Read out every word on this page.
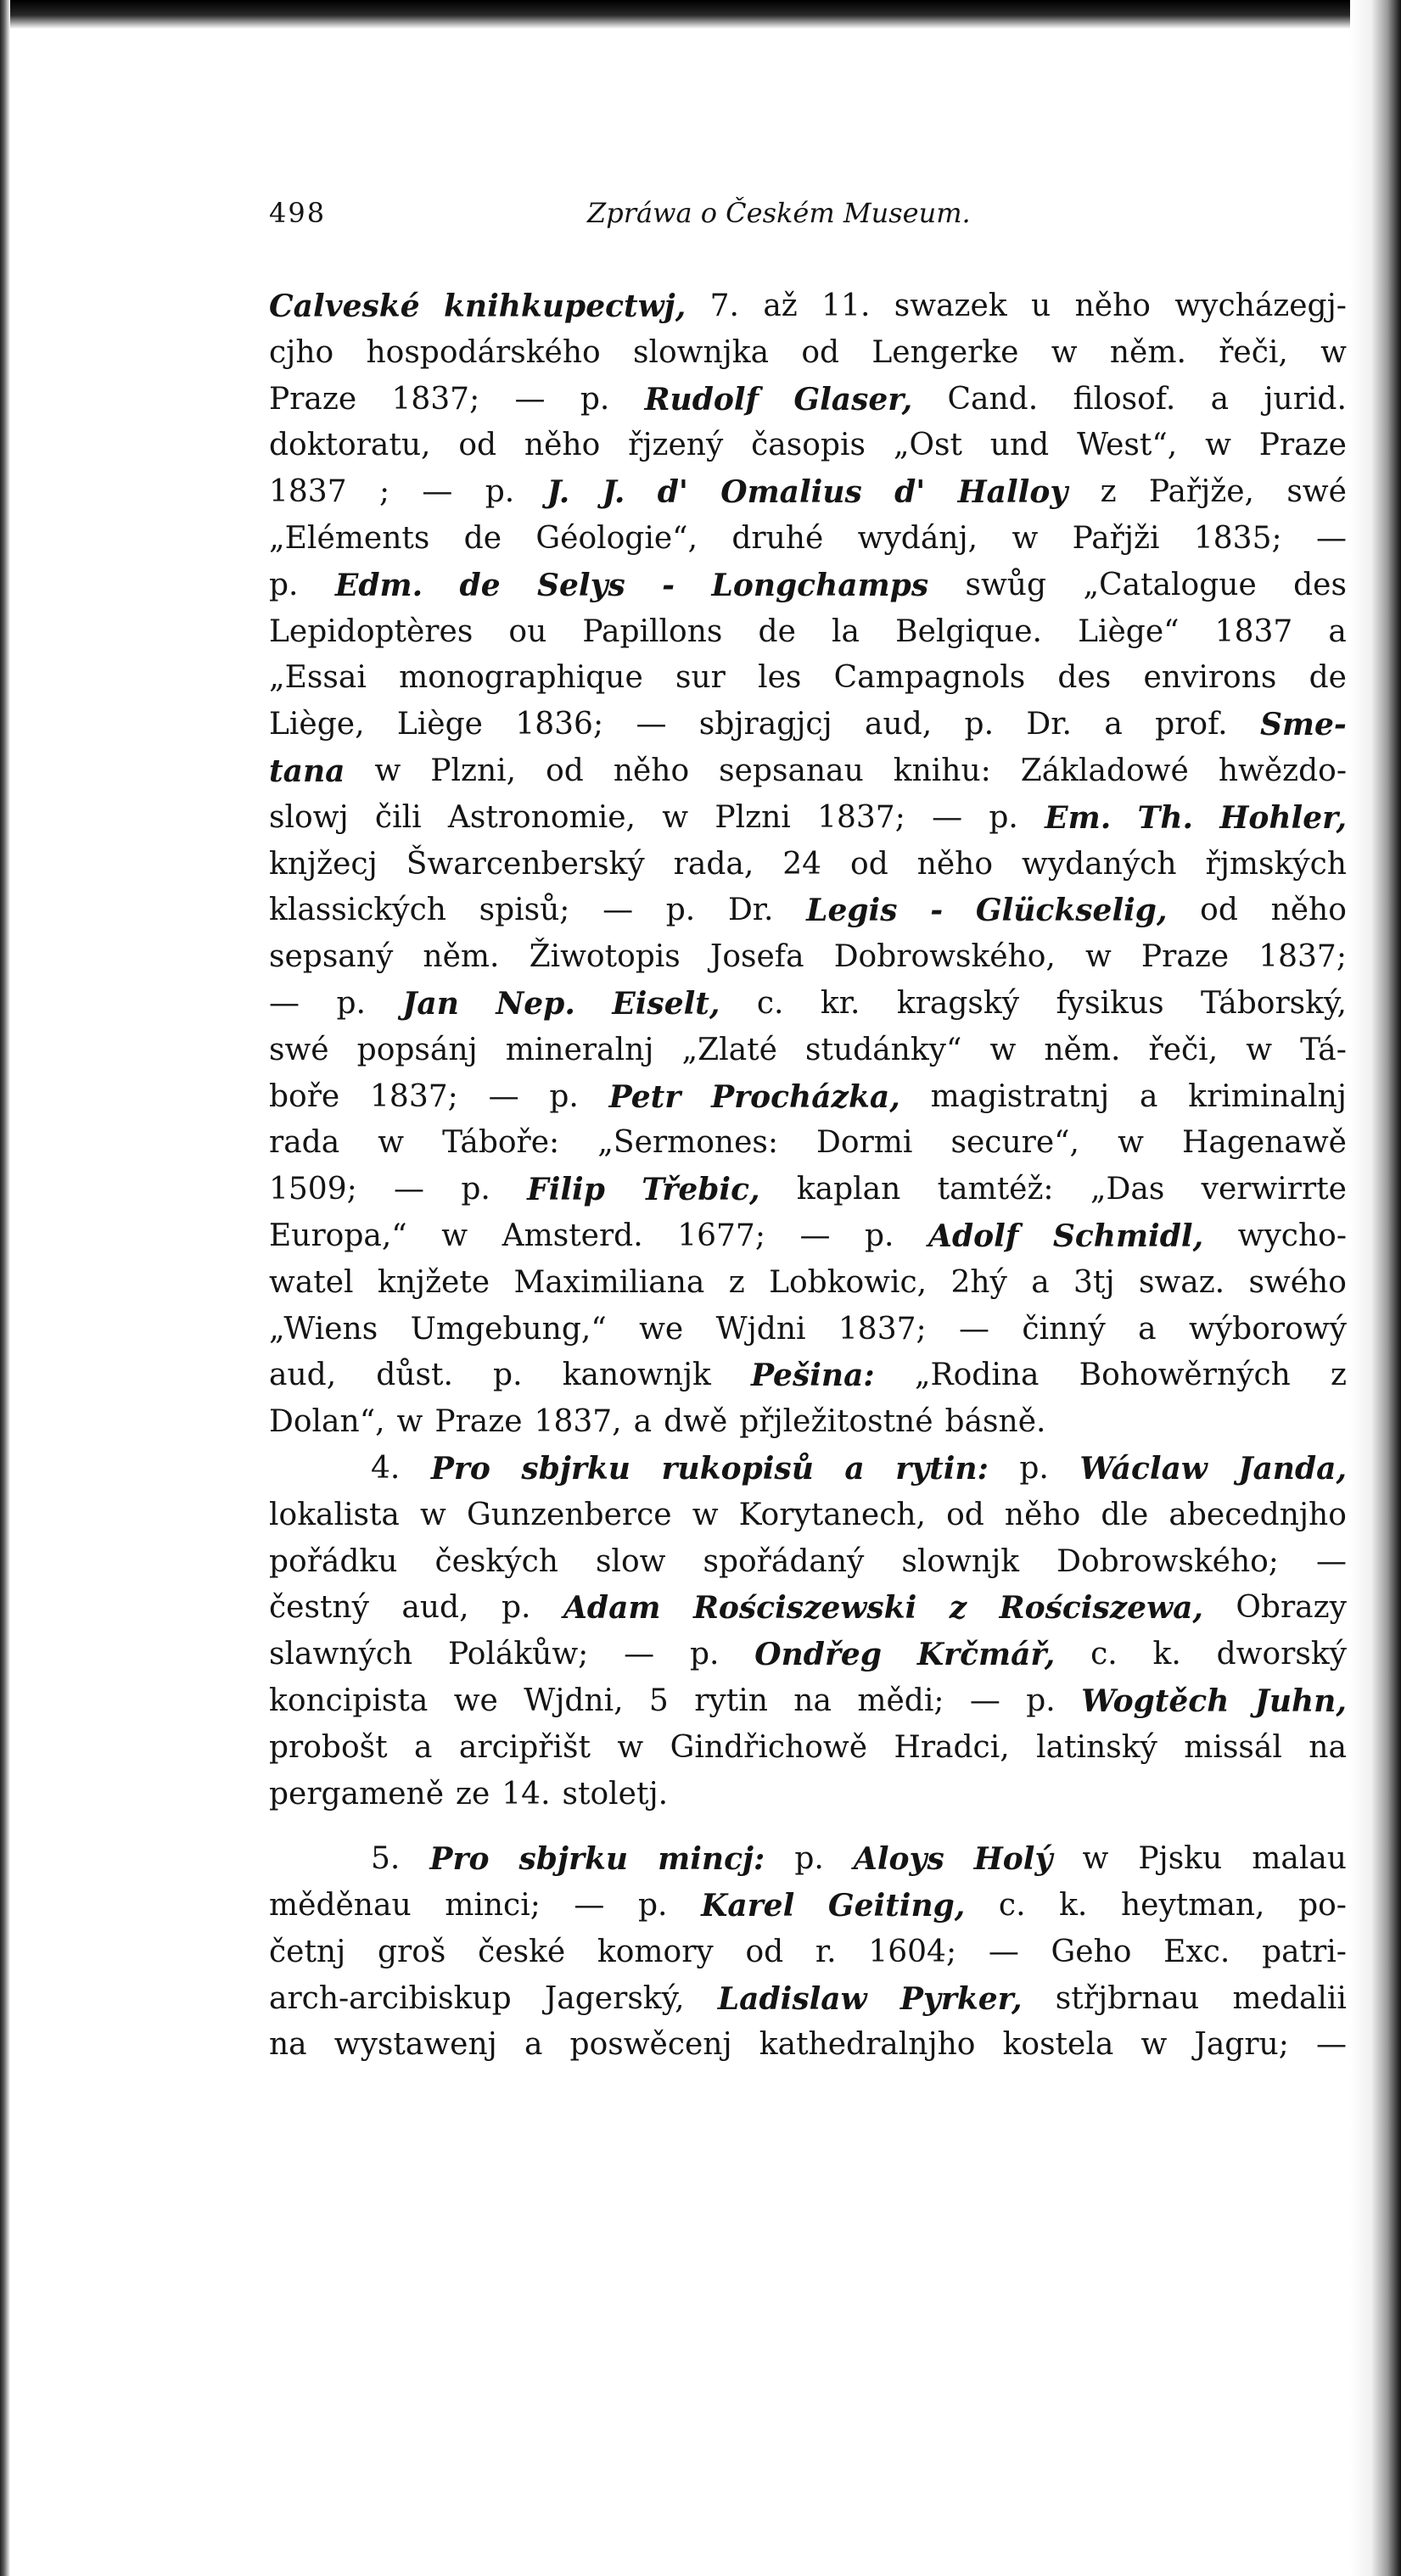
498	Zpráwa o Českém Museum.
Calveské knihkupectwj, 7. až 11. swazek u něho wycházegj-
cjho hospodárského slownjka od Lengerke w něm. řeči, w
Praze 1837; — p. Rudolf Glaser, Cand. filosof. a jurid.
doktoratu, od něho řjzený časopis „Ost und West“, w Praze
1837 ; — p. J. J. d' Omalius d' Halloy z Pařjže, swé
„Eléments de Géologie“, druhé wydánj, w Pařjži 1835; —
p. Edm. de Selys - Longchamps swůg „Catalogue des
Lepidoptères ou Papillons de la Belgique. Liège“ 1837 a
„Essai monographique sur les Campagnols des environs de
Liège, Liège 1836; — sbjragjcj aud, p. Dr. a prof. Sme-
tana w Plzni, od něho sepsanau knihu: Základowé hwězdo-
slowj čili Astronomie, w Plzni 1837; — p. Em. Th. Hohler,
knjžecj Šwarcenberský rada, 24 od něho wydaných řjmských
klassických spisů; — p. Dr. Legis - Glückselig, od něho
sepsaný něm. Žiwotopis Josefa Dobrowského, w Praze 1837;
— p. Jan Nep. Eiselt, c. kr. kragský fysikus Táborský,
swé popsánj mineralnj „Zlaté studánky“ w něm. řeči, w Tá-
boře 1837; — p. Petr Procházka, magistratnj a kriminalnj
rada w Táboře: „Sermones: Dormi secure“, w Hagenawě
1509; — p. Filip Třebic, kaplan tamtéž: „Das verwirrte
Europa,“ w Amsterd. 1677; — p. Adolf Schmidl, wycho-
watel knjžete Maximiliana z Lobkowic, 2hý a 3tj swaz. swého
„Wiens Umgebung,“ we Wjdni 1837; — činný a wýborowý
aud, důst. p. kanownjk Pešina: „Rodina Bohowěrných z
Dolan“, w Praze 1837, a dwě přjležitostné básně.
4. Pro sbjrku rukopisů a rytin: p. Wáclaw Janda,
lokalista w Gunzenberce w Korytanech, od něho dle abecednjho
pořádku českých slow spořádaný slownjk Dobrowského; —
čestný aud, p. Adam Rościszewski z Rościszewa, Obrazy
slawných Polákůw; — p. Ondřeg Krčmář, c. k. dworský
koncipista we Wjdni, 5 rytin na mědi; — p. Wogtěch Juhn,
probošt a arcipřišt w Gindřichowě Hradci, latinský missál na
pergameně ze 14. stoletj.
5. Pro sbjrku mincj: p. Aloys Holý w Pjsku malau
měděnau minci; — p. Karel Geiting, c. k. heytman, po-
četnj groš české komory od r. 1604; — Geho Exc. patri-
arch-arcibiskup Jagerský, Ladislaw Pyrker, střjbrnau medalii
na wystawenj a poswěcenj kathedralnjho kostela w Jagru; —
